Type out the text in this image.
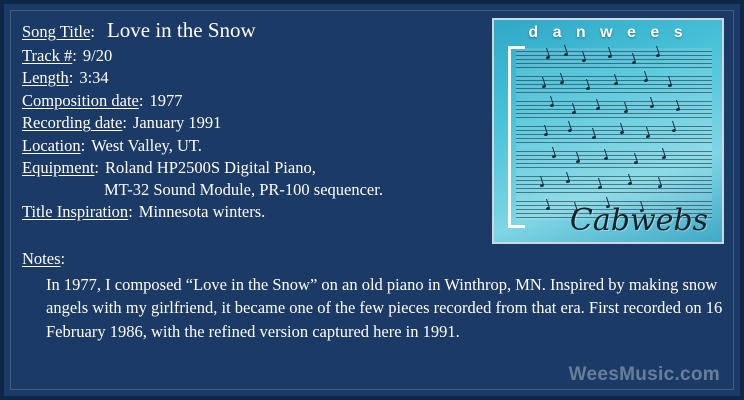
Song Title : Love in the Snow
Track # : 9/20
Length : 3:34
Composition date : 1977
Recording date : January 1991
Location : West Valley, UT.
Equipment : Roland HP2500S Digital Piano,
MT-32 Sound Module, PR-100 sequencer.
Title Inspiration : Minnesota winters.
Notes:
In 1977, I composed “Love in the Snow” on an old piano in Winthrop, MN. Inspired by making snow angels with my girlfriend, it became one of the few pieces recorded from that era. First recorded on 16 February 1986, with the refined version captured here in 1991.
d a n w e e s
Cabwebs
WeesMusic.com
